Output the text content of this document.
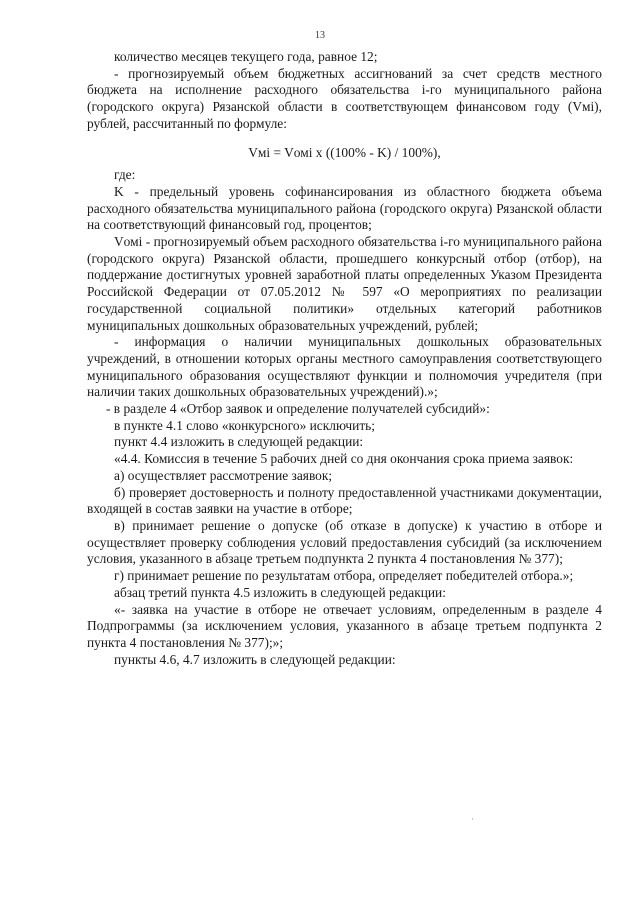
13

количество месяцев текущего года, равное 12;

- прогнозируемый объем бюджетных ассигнований за счет средств местного бюджета на исполнение расходного обязательства i-го муниципального района (городского округа) Рязанской области в соответствующем финансовом году (Vмi), рублей, рассчитанный по формуле:

Vмi = Vомi x ((100% - K) / 100%),

где:

K - предельный уровень софинансирования из областного бюджета объема расходного обязательства муниципального района (городского округа) Рязанской области на соответствующий финансовый год, процентов;

Vомi - прогнозируемый объем расходного обязательства i-го муниципального района (городского округа) Рязанской области, прошедшего конкурсный отбор (отбор), на поддержание достигнутых уровней заработной платы определенных Указом Президента Российской Федерации от 07.05.2012 № 597 «О мероприятиях по реализации государственной социальной политики» отдельных категорий работников муниципальных дошкольных образовательных учреждений, рублей;

- информация о наличии муниципальных дошкольных образовательных учреждений, в отношении которых органы местного самоуправления соответствующего муниципального образования осуществляют функции и полномочия учредителя (при наличии таких дошкольных образовательных учреждений).»;

- в разделе 4 «Отбор заявок и определение получателей субсидий»:

в пункте 4.1 слово «конкурсного» исключить;

пункт 4.4 изложить в следующей редакции:

«4.4. Комиссия в течение 5 рабочих дней со дня окончания срока приема заявок:

а) осуществляет рассмотрение заявок;

б) проверяет достоверность и полноту предоставленной участниками документации, входящей в состав заявки на участие в отборе;

в) принимает решение о допуске (об отказе в допуске) к участию в отборе и осуществляет проверку соблюдения условий предоставления субсидий (за исключением условия, указанного в абзаце третьем подпункта 2 пункта 4 постановления № 377);

г) принимает решение по результатам отбора, определяет победителей отбора.»;

абзац третий пункта 4.5 изложить в следующей редакции:

«- заявка на участие в отборе не отвечает условиям, определенным в разделе 4 Подпрограммы (за исключением условия, указанного в абзаце третьем подпункта 2 пункта 4 постановления № 377);»;

пункты 4.6, 4.7 изложить в следующей редакции:

·
